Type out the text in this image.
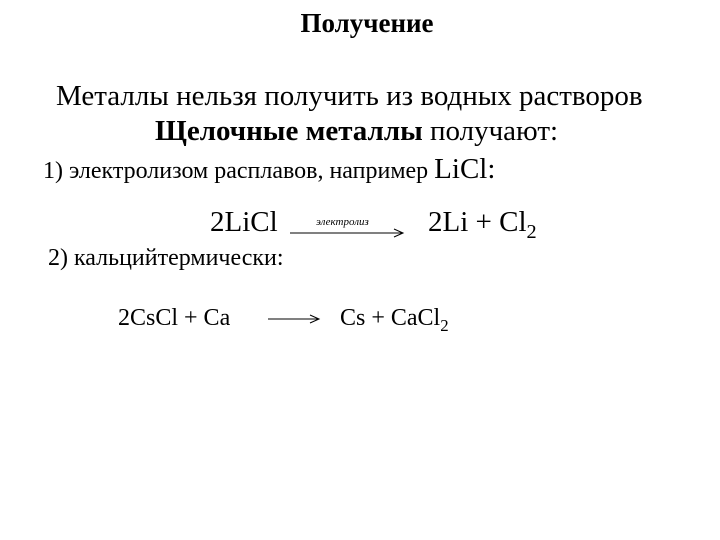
Получение
Металлы нельзя получить из водных растворов
Щелочные металлы получают:
1) электролизом расплавов, например LiCl:
2LiCl	электролиз $2Li + Cl_2$
2) кальцийтермически:
2CsCl + Ca	Cs + CaCl$_2$
